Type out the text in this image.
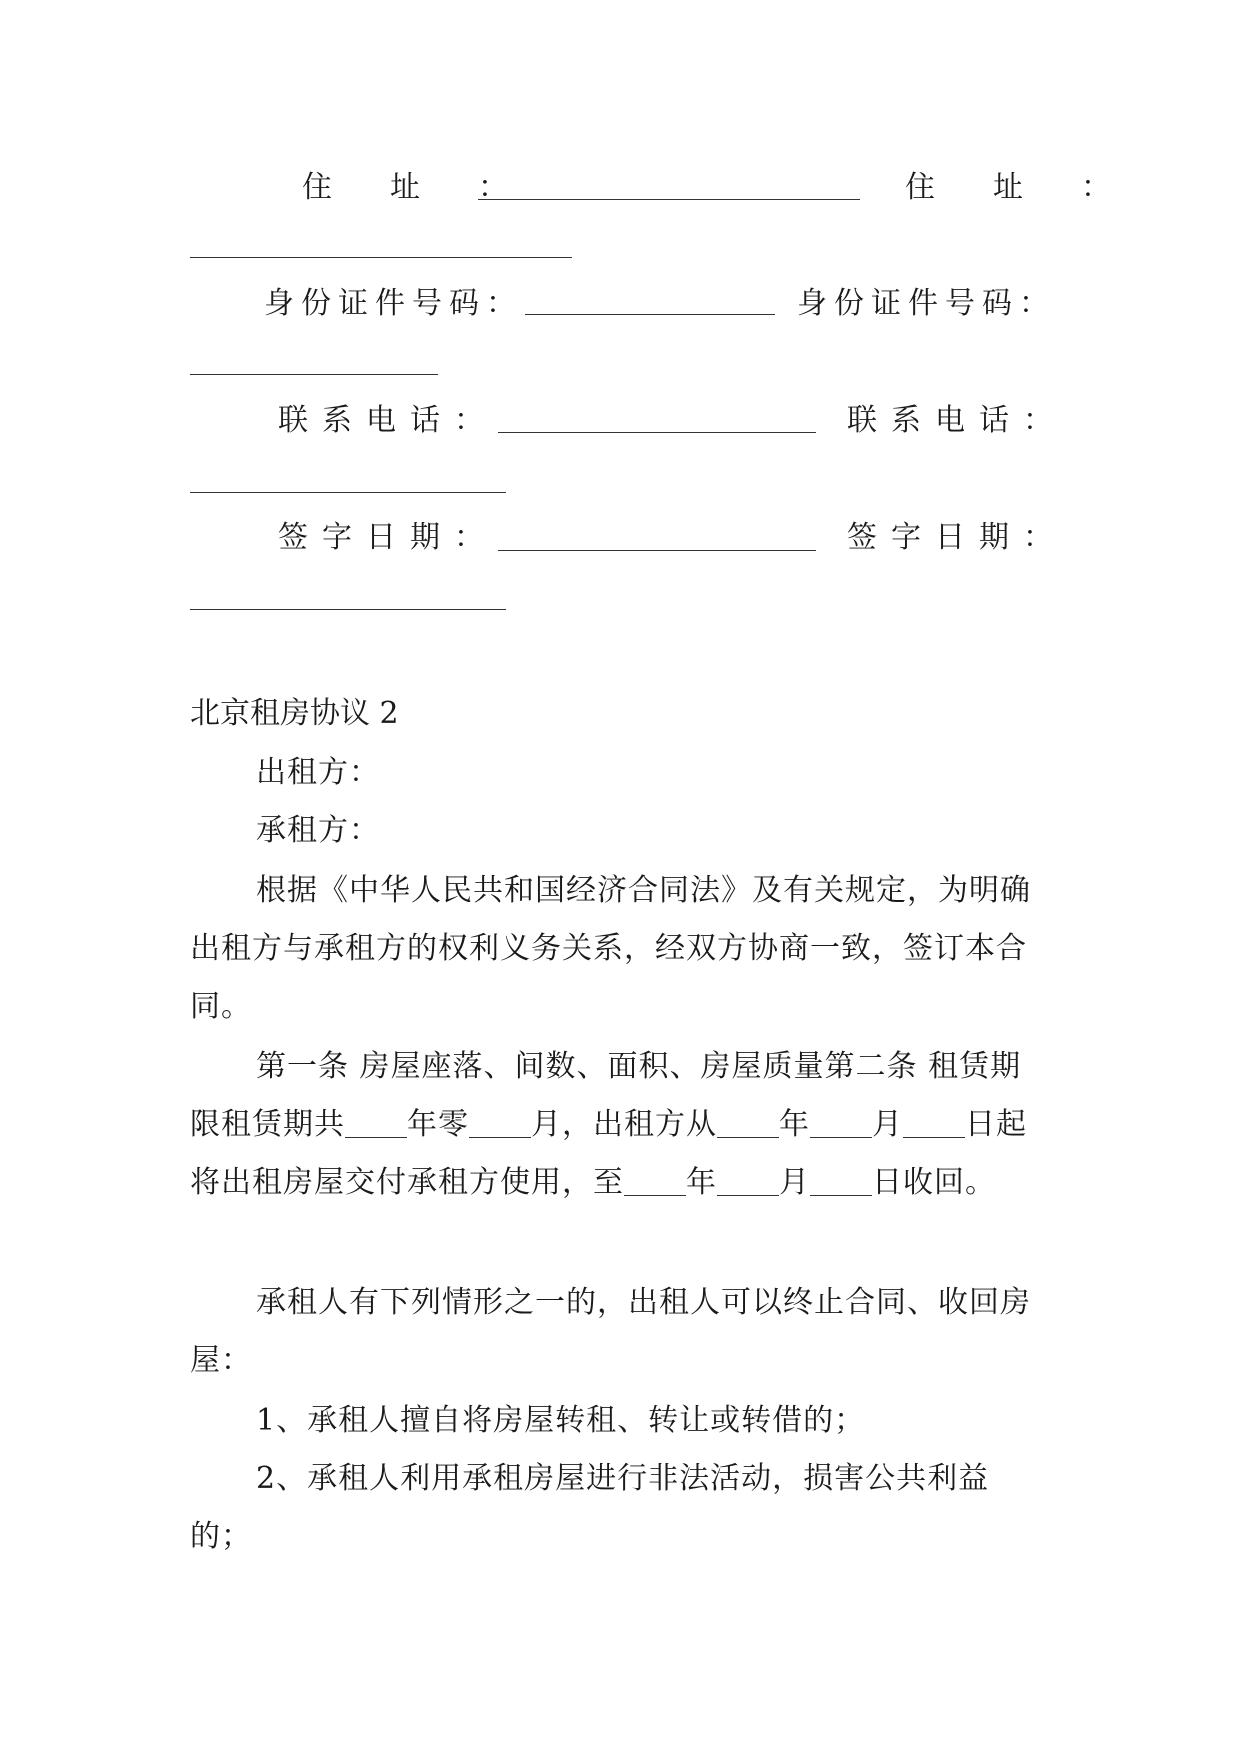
住　址　：	住　址　：
身份证件号码：	身份证件号码：
联系电话：	联系电话：
签字日期：	签字日期：
北京租房协议 2
出租方：
承租方：
根据《中华人民共和国经济合同法》及有关规定，为明确出租方与承租方的权利义务关系，经双方协商一致，签订本合同。
第一条 房屋座落、间数、面积、房屋质量第二条 租赁期限租赁期共 年零 月，出租方从 年 月 日起将出租房屋交付承租方使用，至 年 月 日收回。
承租人有下列情形之一的，出租人可以终止合同、收回房屋：
1、承租人擅自将房屋转租、转让或转借的；
2、承租人利用承租房屋进行非法活动，损害公共利益的；
